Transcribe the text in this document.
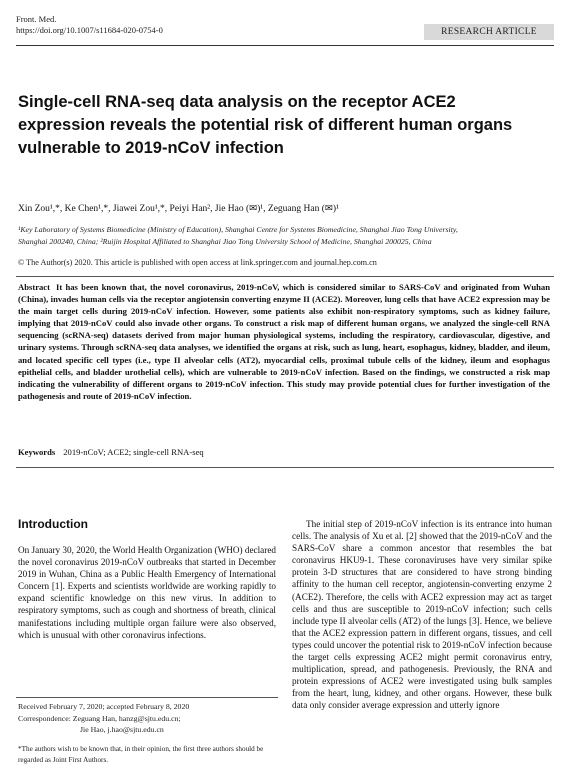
Front. Med.
https://doi.org/10.1007/s11684-020-0754-0	RESEARCH ARTICLE
Single-cell RNA-seq data analysis on the receptor ACE2
expression reveals the potential risk of different human organs
vulnerable to 2019-nCoV infection
Xin Zou¹,*, Ke Chen¹,*, Jiawei Zou¹,*, Peiyi Han², Jie Hao (✉)¹, Zeguang Han (✉)¹
¹Key Laboratory of Systems Biomedicine (Ministry of Education), Shanghai Centre for Systems Biomedicine, Shanghai Jiao Tong University,
Shanghai 200240, China; ²Ruijin Hospital Affiliated to Shanghai Jiao Tong University School of Medicine, Shanghai 200025, China
© The Author(s) 2020. This article is published with open access at link.springer.com and journal.hep.com.cn
Abstract It has been known that, the novel coronavirus, 2019-nCoV, which is considered similar to SARS-CoV and originated from Wuhan (China), invades human cells via the receptor angiotensin converting enzyme II (ACE2). Moreover, lung cells that have ACE2 expression may be the main target cells during 2019-nCoV infection. However, some patients also exhibit non-respiratory symptoms, such as kidney failure, implying that 2019-nCoV could also invade other organs. To construct a risk map of different human organs, we analyzed the single-cell RNA sequencing (scRNA-seq) datasets derived from major human physiological systems, including the respiratory, cardiovascular, digestive, and urinary systems. Through scRNA-seq data analyses, we identified the organs at risk, such as lung, heart, esophagus, kidney, bladder, and ileum, and located specific cell types (i.e., type II alveolar cells (AT2), myocardial cells, proximal tubule cells of the kidney, ileum and esophagus epithelial cells, and bladder urothelial cells), which are vulnerable to 2019-nCoV infection. Based on the findings, we constructed a risk map indicating the vulnerability of different organs to 2019-nCoV infection. This study may provide potential clues for further investigation of the pathogenesis and route of 2019-nCoV infection.
Keywords 2019-nCoV; ACE2; single-cell RNA-seq
Introduction

On January 30, 2020, the World Health Organization (WHO) declared the novel coronavirus 2019-nCoV outbreaks that started in December 2019 in Wuhan, China as a Public Health Emergency of International Concern [1]. Experts and scientists worldwide are working rapidly to expand scientific knowledge on this new virus. In addition to respiratory symptoms, such as cough and shortness of breath, clinical manifestations including multiple organ failure were also observed, which is unusual with other coronavirus infections.

The initial step of 2019-nCoV infection is its entrance into human cells. The analysis of Xu et al. [2] showed that the 2019-nCoV and the SARS-CoV share a common ancestor that resembles the bat coronavirus HKU9-1. These coronaviruses have very similar spike protein 3-D structures that are considered to have strong binding affinity to the human cell receptor, angiotensin-converting enzyme 2 (ACE2). Therefore, the cells with ACE2 expression may act as target cells and thus are susceptible to 2019-nCoV infection; such cells include type II alveolar cells (AT2) of the lungs [3]. Hence, we believe that the ACE2 expression pattern in different organs, tissues, and cell types could uncover the potential risk to 2019-nCoV infection because the target cells expressing ACE2 might permit coronavirus entry, multiplication, spread, and pathogenesis. Previously, the RNA and protein expressions of ACE2 were investigated using bulk samples from the heart, lung, kidney, and other organs. However, these bulk data only consider average expression and utterly ignore

Received February 7, 2020; accepted February 8, 2020
Correspondence: Zeguang Han, hanzg@sjtu.edu.cn;
Jie Hao, j.hao@sjtu.edu.cn
*The authors wish to be known that, in their opinion, the first three authors should be regarded as Joint First Authors.
